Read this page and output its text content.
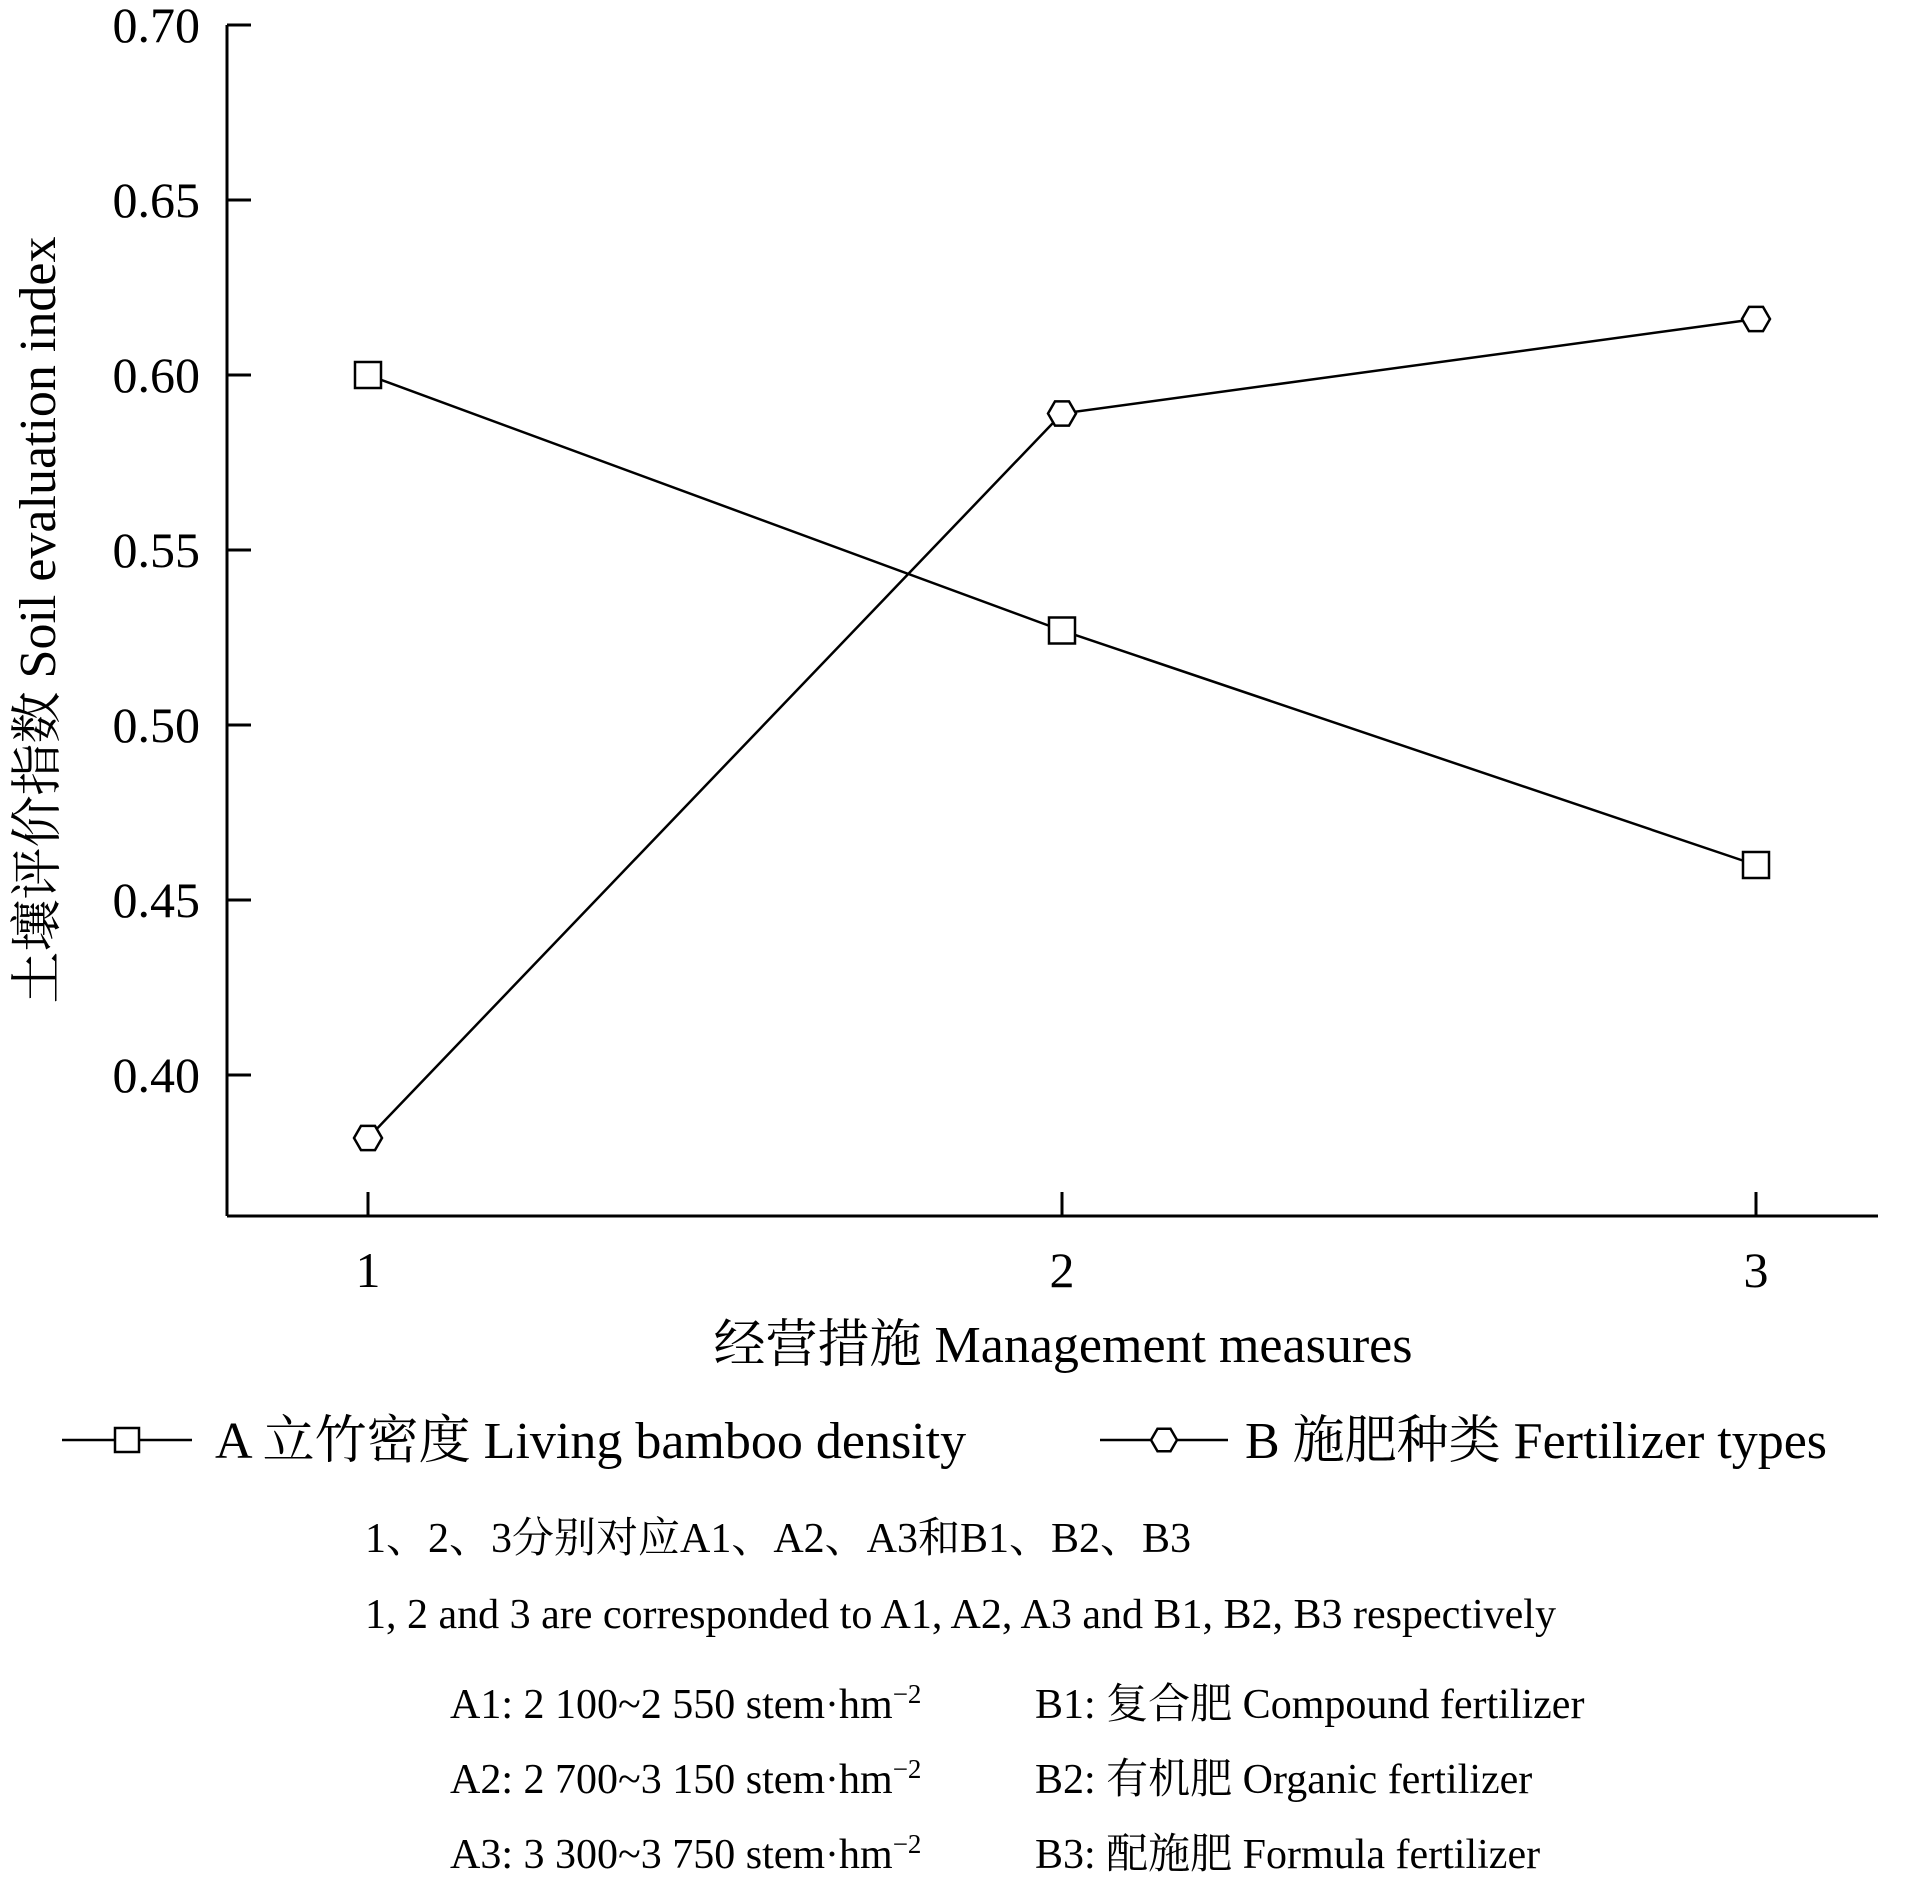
0.40
0.45
0.50
0.55
0.60
0.65
0.70
1	2	3
土壤评价指数 Soil evaluation index
经营措施 Management measures
A 立竹密度 Living bamboo density	B 施肥种类 Fertilizer types
1、2、3分别对应A1、A2、A3和B1、B2、B3
1, 2 and 3 are corresponded to A1, A2, A3 and B1, B2, B3 respectively
A1: 2 100~2 550 $stem\cdot hm^{-2}$	B1: 复合肥 Compound fertilizer
A2: 2 700~3 150 $stem\cdot hm^{-2}$	B2: 有机肥 Organic fertilizer
A3: 3 300~3 750 $stem\cdot hm^{-2}$	B3: 配施肥 Formula fertilizer
